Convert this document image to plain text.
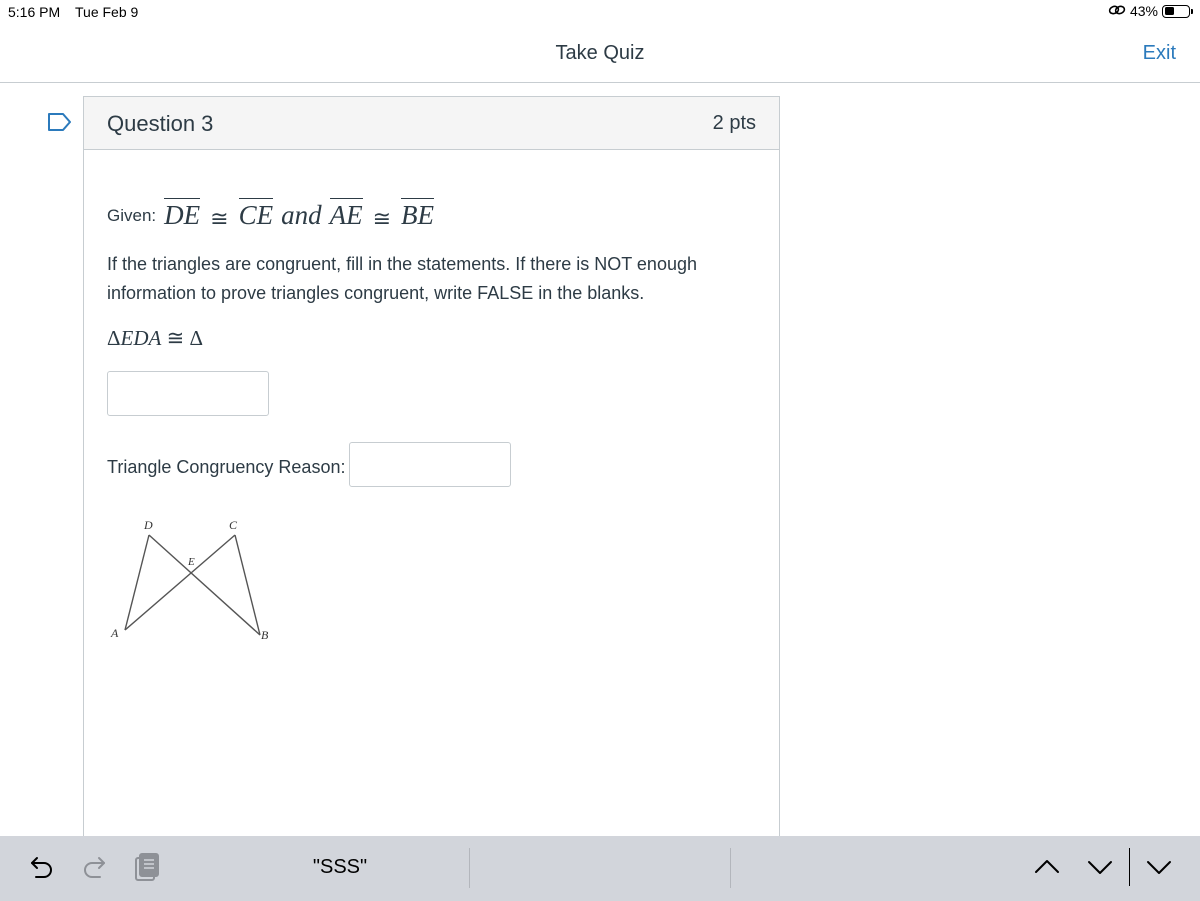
5:16 PM Tue Feb 9	43%
Take Quiz	Exit
Question 3	2 pts
Given: DE ≅ CE and AE ≅ BE
If the triangles are congruent, fill in the statements. If there is NOT enough information to prove triangles congruent, write FALSE in the blanks.
ΔEDA ≅ Δ
Triangle Congruency Reason:
D	C
E
A	B
"SSS"
